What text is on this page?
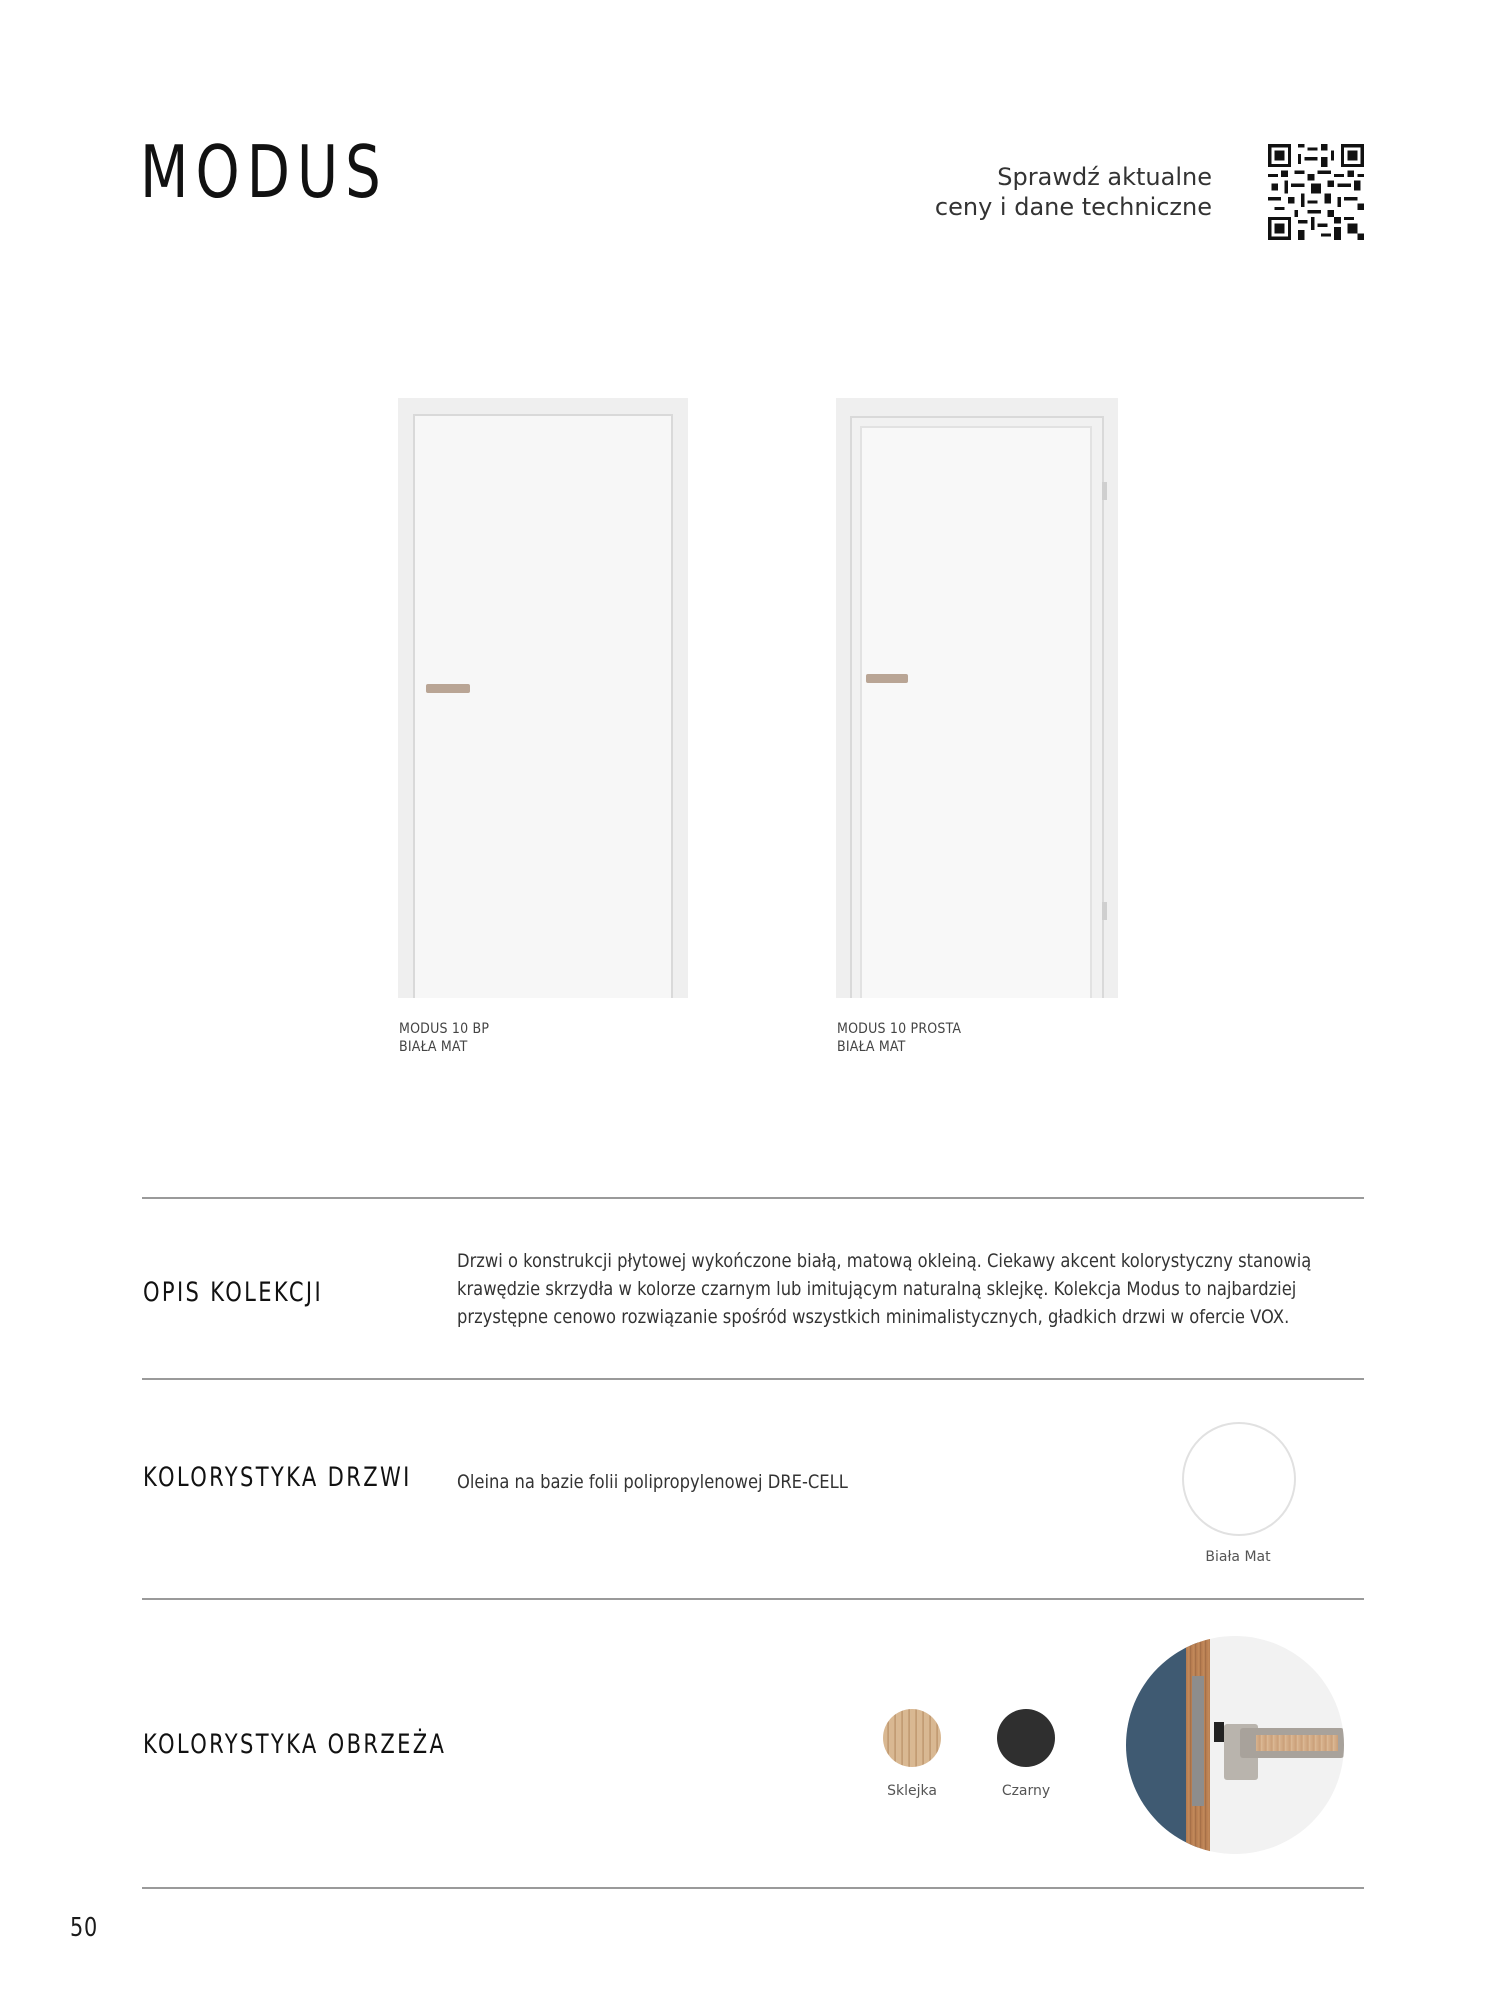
MODUS	Sprawdź aktualne
ceny i dane techniczne
MODUS 10 BP
BIAŁA MAT
MODUS 10 PROSTA
BIAŁA MAT
OPIS KOLEKCJI
Drzwi o konstrukcji płytowej wykończone białą, matową okleiną. Ciekawy akcent kolorystyczny stanowią
krawędzie skrzydła w kolorze czarnym lub imitującym naturalną sklejkę. Kolekcja Modus to najbardziej
przystępne cenowo rozwiązanie spośród wszystkich minimalistycznych, gładkich drzwi w ofercie VOX.
KOLORYSTYKA DRZWI Oleina na bazie folii polipropylenowej DRE-CELL
Biała Mat
KOLORYSTYKA OBRZEŻA
Sklejka	Czarny
50
